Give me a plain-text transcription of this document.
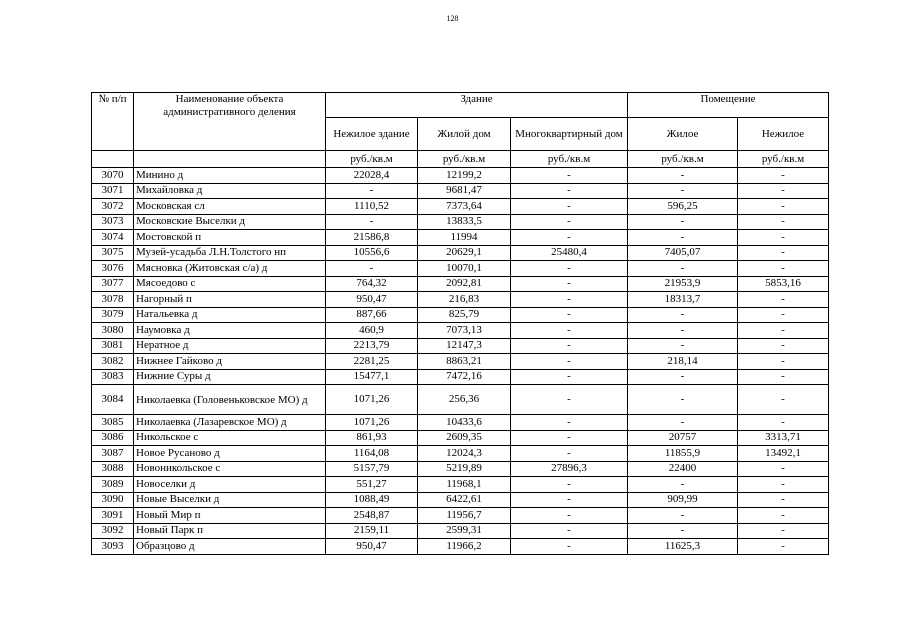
128
№ п/п	Наименование объекта административного деления	Здание			Помещение	
		Нежилое здание	Жилой дом	Многоквартирный дом	Жилое	Нежилое
		руб./кв.м	руб./кв.м	руб./кв.м	руб./кв.м	руб./кв.м
3070	Минино д	22028,4	12199,2	-	-	-
3071	Михайловка д	-	9681,47	-	-	-
3072	Московская сл	1110,52	7373,64	-	596,25	-
3073	Московские Выселки д	-	13833,5	-	-	-
3074	Мостовской п	21586,8	11994	-	-	-
3075	Музей-усадьба Л.Н.Толстого нп	10556,6	20629,1	25480,4	7405,07	-
3076	Мясновка (Житовская с/а) д	-	10070,1	-	-	-
3077	Мясоедово с	764,32	2092,81	-	21953,9	5853,16
3078	Нагорный п	950,47	216,83	-	18313,7	-
3079	Натальевка д	887,66	825,79	-	-	-
3080	Наумовка д	460,9	7073,13	-	-	-
3081	Нератное д	2213,79	12147,3	-	-	-
3082	Нижнее Гайково д	2281,25	8863,21	-	218,14	-
3083	Нижние Суры д	15477,1	7472,16	-	-	-
3084	Николаевка (Головеньковское МО) д	1071,26	256,36	-	-	-
3085	Николаевка (Лазаревское МО) д	1071,26	10433,6	-	-	-
3086	Никольское с	861,93	2609,35	-	20757	3313,71
3087	Новое Русаново д	1164,08	12024,3	-	11855,9	13492,1
3088	Новоникольское с	5157,79	5219,89	27896,3	22400	-
3089	Новоселки д	551,27	11968,1	-	-	-
3090	Новые Выселки д	1088,49	6422,61	-	909,99	-
3091	Новый Мир п	2548,87	11956,7	-	-	-
3092	Новый Парк п	2159,11	2599,31	-	-	-
3093	Образцово д	950,47	11966,2	-	11625,3	-
